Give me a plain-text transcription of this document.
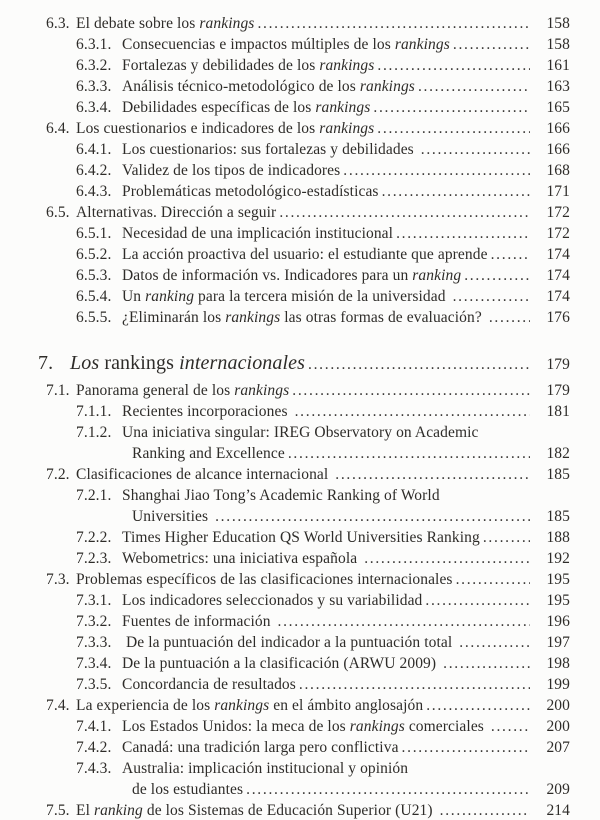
6.3. El debate sobre los rankings .....	158
6.3.1. Consecuencias e impactos múltiples de los rankings .....	158
6.3.2. Fortalezas y debilidades de los rankings .....	161
6.3.3. Análisis técnico-metodológico de los rankings .....	163
6.3.4. Debilidades específicas de los rankings .....	165
6.4. Los cuestionarios e indicadores de los rankings .....	166
6.4.1. Los cuestionarios: sus fortalezas y debilidades .....	166
6.4.2. Validez de los tipos de indicadores .....	168
6.4.3. Problemáticas metodológico-estadísticas .....	171
6.5. Alternativas. Dirección a seguir .....	172
6.5.1. Necesidad de una implicación institucional .....	172
6.5.2. La acción proactiva del usuario: el estudiante que aprende .....	174
6.5.3. Datos de información vs. Indicadores para un ranking .....	174
6.5.4. Un ranking para la tercera misión de la universidad .....	174
6.5.5. ¿Eliminarán los rankings las otras formas de evaluación? .....	176
7. Los rankings internacionales .....	179
7.1. Panorama general de los rankings .....	179
7.1.1. Recientes incorporaciones .....	181
7.1.2. Una iniciativa singular: IREG Observatory on Academic
Ranking and Excellence .....	182
7.2. Clasificaciones de alcance internacional .....	185
7.2.1. Shanghai Jiao Tong’s Academic Ranking of World
Universities .....	185
7.2.2. Times Higher Education QS World Universities Ranking .....	188
7.2.3. Webometrics: una iniciativa española .....	192
7.3. Problemas específicos de las clasificaciones internacionales .....	195
7.3.1. Los indicadores seleccionados y su variabilidad .....	195
7.3.2. Fuentes de información .....	196
7.3.3. De la puntuación del indicador a la puntuación total .....	197
7.3.4. De la puntuación a la clasificación (ARWU 2009) .....	198
7.3.5. Concordancia de resultados .....	199
7.4. La experiencia de los rankings en el ámbito anglosajón .....	200
7.4.1. Los Estados Unidos: la meca de los rankings comerciales .....	200
7.4.2. Canadá: una tradición larga pero conflictiva .....	207
7.4.3. Australia: implicación institucional y opinión
de los estudiantes .....	209
7.5. El ranking de los Sistemas de Educación Superior (U21) .....	214
